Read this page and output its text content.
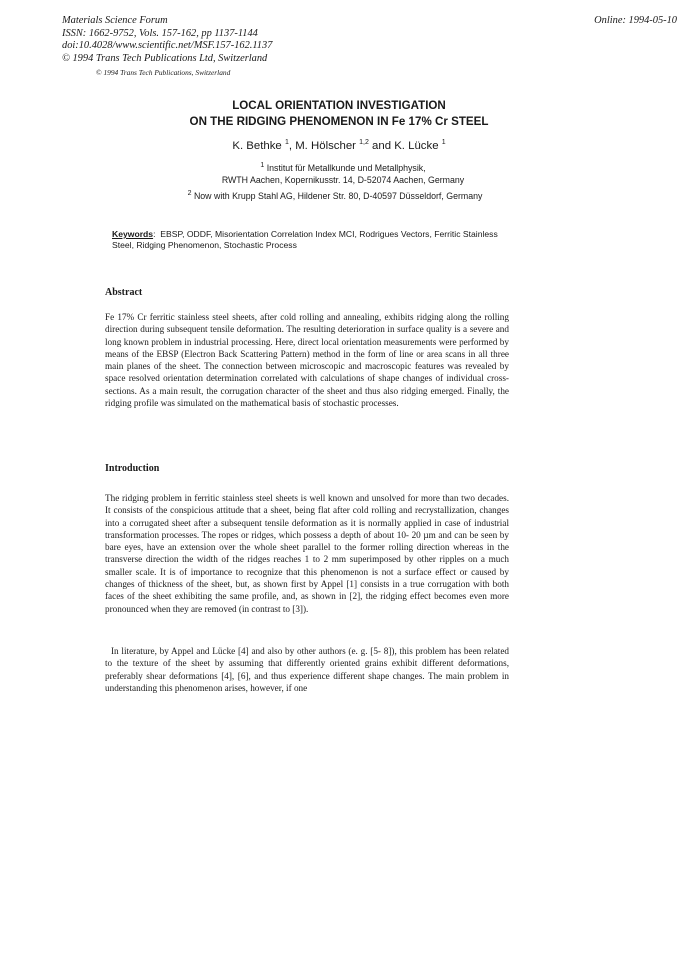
Materials Science Forum
ISSN: 1662-9752, Vols. 157-162, pp 1137-1144
doi:10.4028/www.scientific.net/MSF.157-162.1137
© 1994 Trans Tech Publications Ltd, Switzerland
Online: 1994-05-10
© 1994 Trans Tech Publications, Switzerland
LOCAL ORIENTATION INVESTIGATION
ON THE RIDGING PHENOMENON IN Fe 17% Cr STEEL
K. Bethke $^1$, M. Hölscher $^{1,2}$ and K. Lücke $^1$
$^1$ Institut für Metallkunde und Metallphysik,
RWTH Aachen, Kopernikusstr. 14, D-52074 Aachen, Germany
$^2$ Now with Krupp Stahl AG, Hildener Str. 80, D-40597 Düsseldorf, Germany
Keywords: EBSP, ODDF, Misorientation Correlation Index MCI, Rodrigues Vectors, Ferritic Stainless Steel, Ridging Phenomenon, Stochastic Process
Abstract

Fe 17% Cr ferritic stainless steel sheets, after cold rolling and annealing, exhibits ridging along the rolling direction during subsequent tensile deformation. The resulting deterioration in surface quality is a severe and long known problem in industrial processing. Here, direct local orientation measurements were performed by means of the EBSP (Electron Back Scattering Pattern) method in the form of line or area scans in all three main planes of the sheet. The connection between microscopic and macroscopic features was revealed by space resolved orientation determination correlated with calculations of shape changes of individual cross- sections. As a main result, the corrugation character of the sheet and thus also ridging emerged. Finally, the ridging profile was simulated on the mathematical basis of stochastic processes.

Introduction

The ridging problem in ferritic stainless steel sheets is well known and unsolved for more than two decades. It consists of the conspicious attitude that a sheet, being flat after cold rolling and recrystallization, changes into a corrugated sheet after a subsequent tensile deformation as it is normally applied in case of industrial transformation processes. The ropes or ridges, which possess a depth of about 10- 20 µm and can be seen by bare eyes, have an extension over the whole sheet parallel to the former rolling direction whereas in the transverse direction the width of the ridges reaches 1 to 2 mm superimposed by other ripples on a much smaller scale. It is of importance to recognize that this phenomenon is not a surface effect or caused by changes of thickness of the sheet, but, as shown first by Appel [1] consists in a true corrugation with both faces of the sheet exhibiting the same profile, and, as shown in [2], the ridging effect becomes even more pronounced when they are removed (in contrast to [3]).

In literature, by Appel and Lücke [4] and also by other authors (e. g. [5- 8]), this problem has been related to the texture of the sheet by assuming that differently oriented grains exhibit different deformations, preferably shear deformations [4], [6], and thus experience different shape changes. The main problem in understanding this phenomenon arises, however, if one
